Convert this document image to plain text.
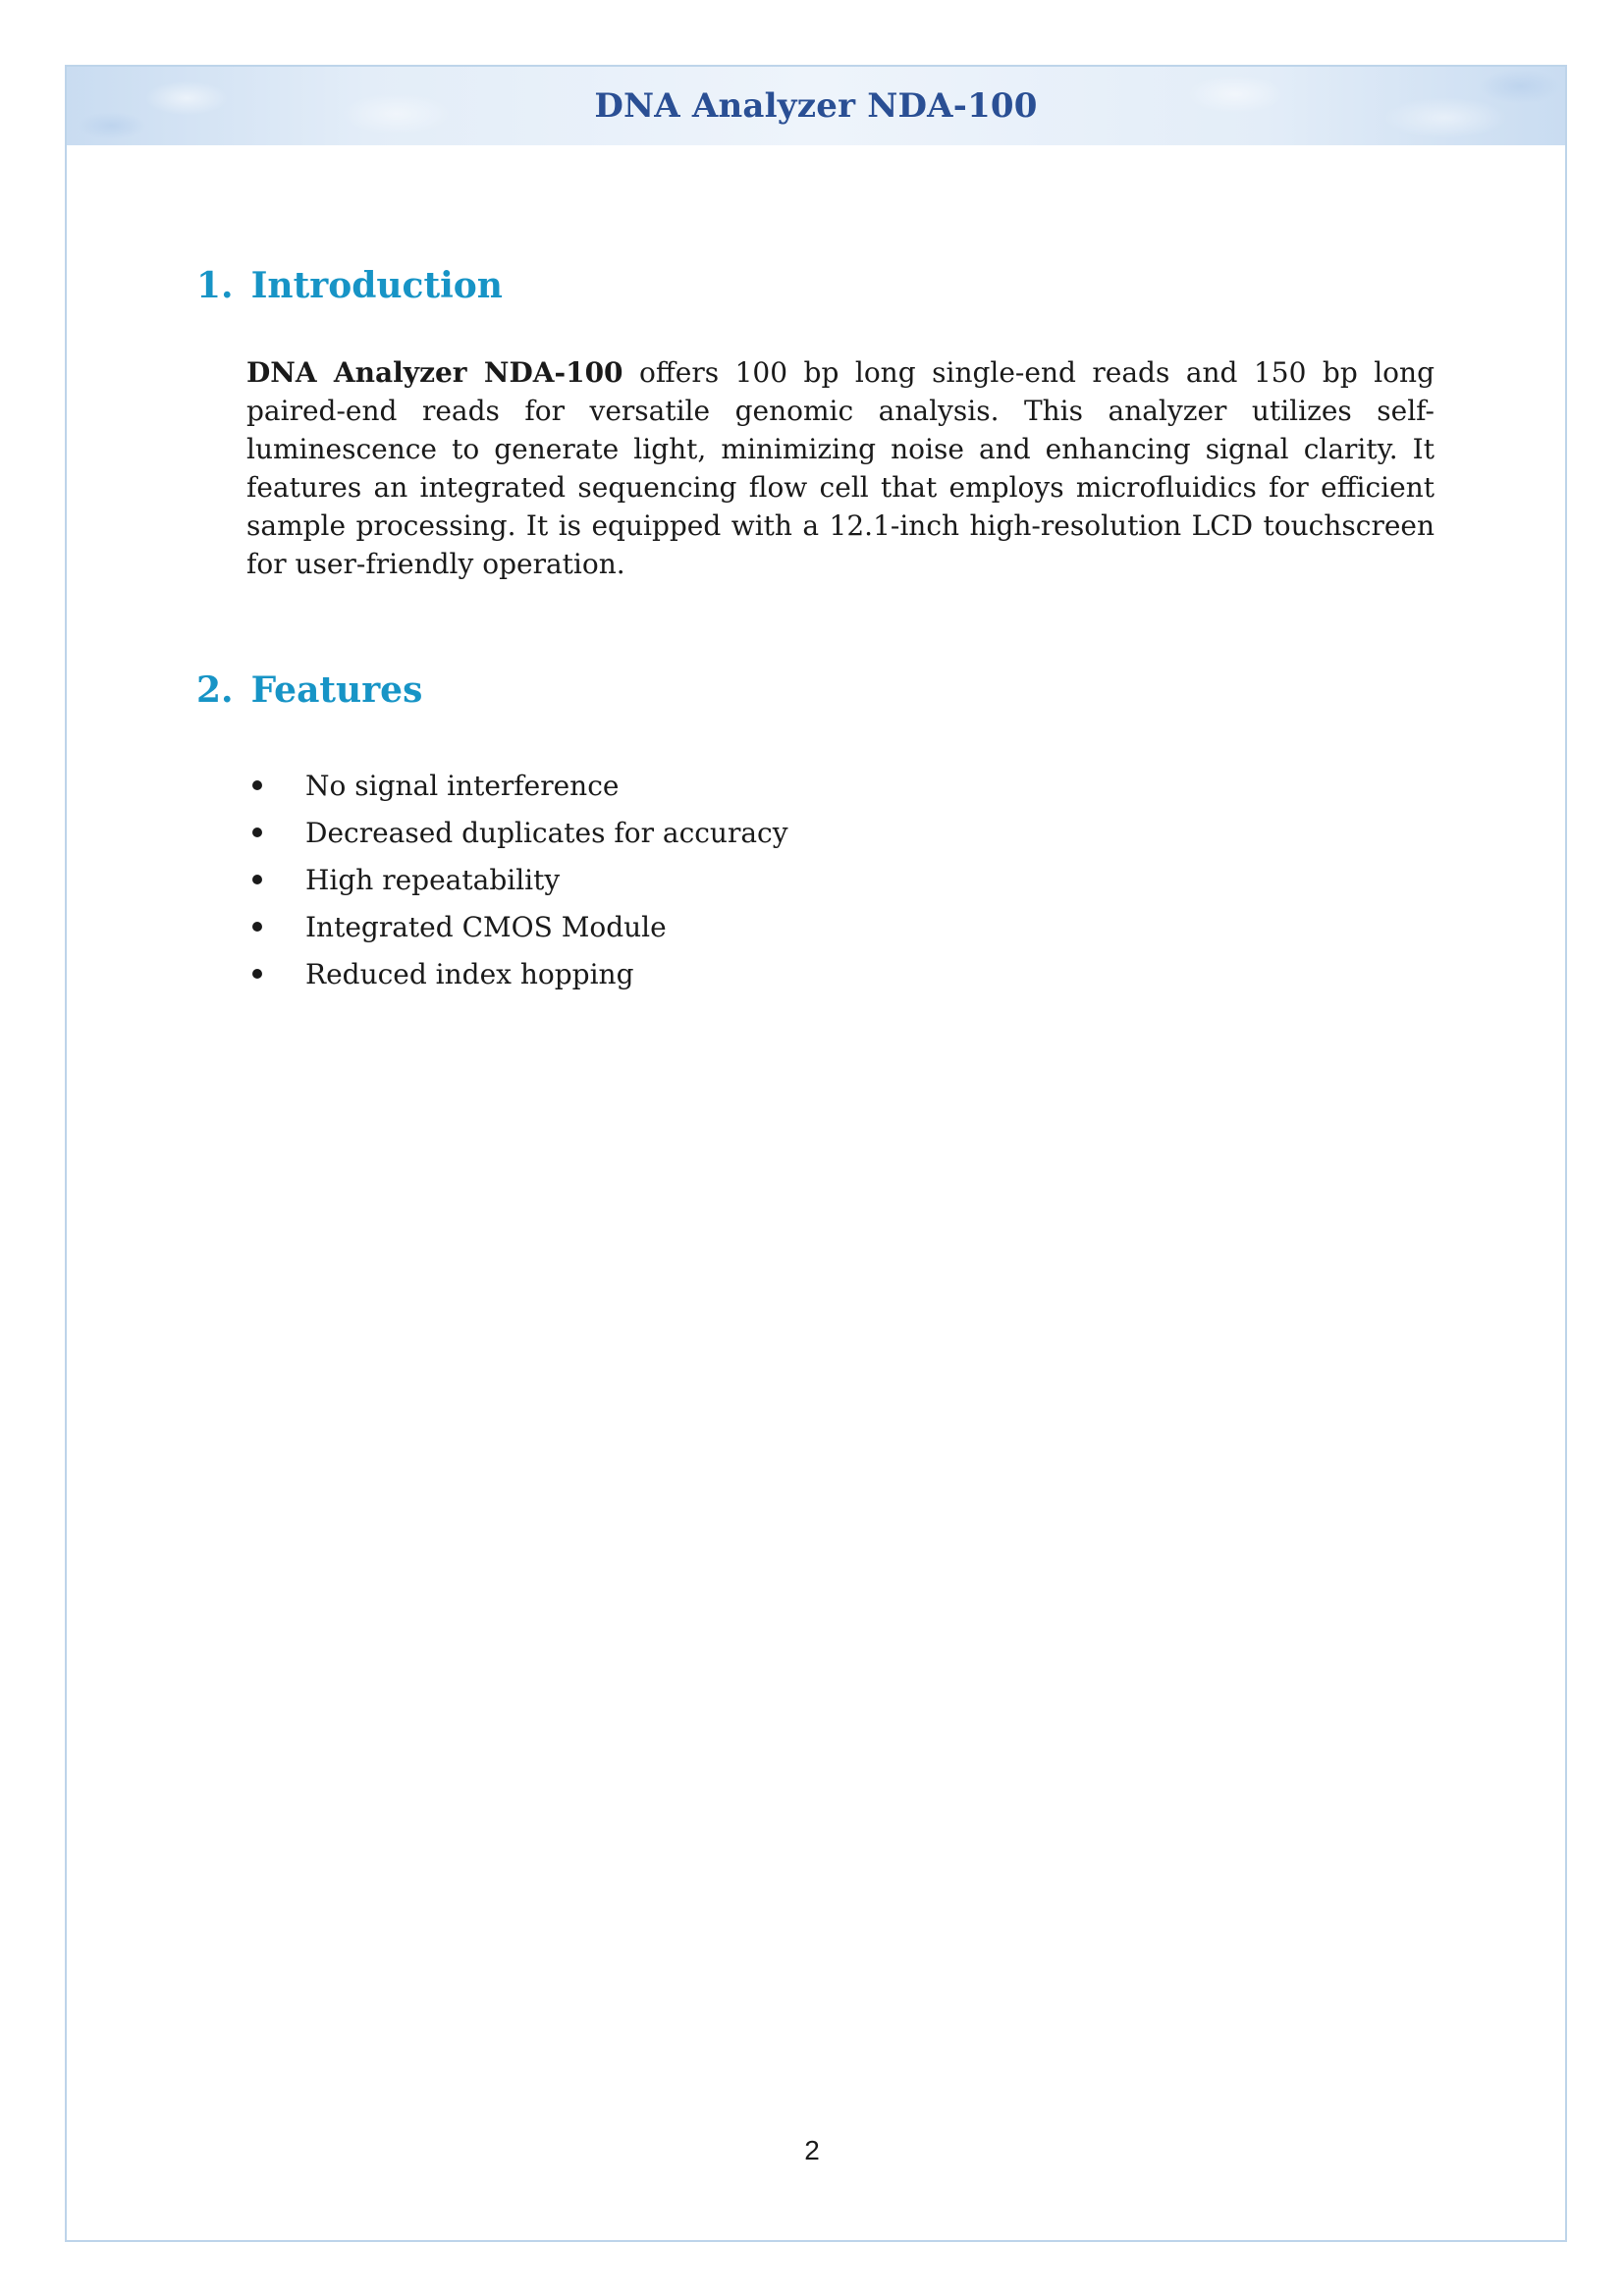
DNA Analyzer NDA-100
1. Introduction

DNA Analyzer NDA-100 offers 100 bp long single-end reads and 150 bp long paired-end reads for versatile genomic analysis. This analyzer utilizes self-luminescence to generate light, minimizing noise and enhancing signal clarity. It features an integrated sequencing flow cell that employs microfluidics for efficient sample processing. It is equipped with a 12.1-inch high-resolution LCD touchscreen for user-friendly operation.

2. Features
No signal interference
Decreased duplicates for accuracy
High repeatability
Integrated CMOS Module
Reduced index hopping
2
